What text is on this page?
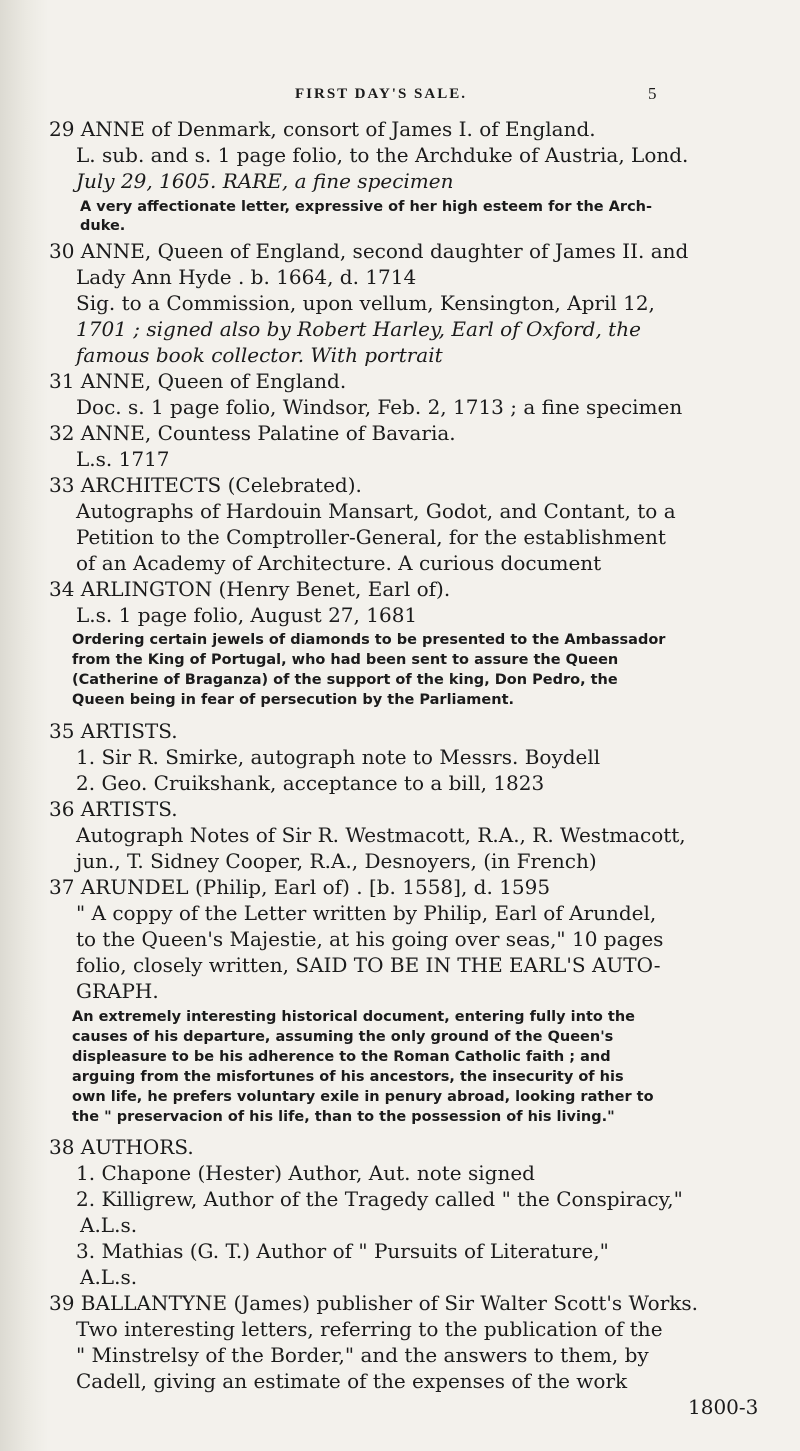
FIRST DAY'S SALE.	5
29 ANNE of Denmark, consort of James I. of England.
L. sub. and s. 1 page folio, to the Archduke of Austria, Lond.
July 29, 1605. RARE, a fine specimen
A very affectionate letter, expressive of her high esteem for the Arch-
duke.
30 ANNE, Queen of England, second daughter of James II. and
Lady Ann Hyde . b. 1664, d. 1714
Sig. to a Commission, upon vellum, Kensington, April 12,
1701 ; signed also by Robert Harley, Earl of Oxford, the
famous book collector. With portrait
31 ANNE, Queen of England.
Doc. s. 1 page folio, Windsor, Feb. 2, 1713 ; a fine specimen
32 ANNE, Countess Palatine of Bavaria.
L.s. 1717
33 ARCHITECTS (Celebrated).
Autographs of Hardouin Mansart, Godot, and Contant, to a
Petition to the Comptroller-General, for the establishment
of an Academy of Architecture. A curious document
34 ARLINGTON (Henry Benet, Earl of).
L.s. 1 page folio, August 27, 1681
Ordering certain jewels of diamonds to be presented to the Ambassador
from the King of Portugal, who had been sent to assure the Queen
(Catherine of Braganza) of the support of the king, Don Pedro, the
Queen being in fear of persecution by the Parliament.
35 ARTISTS.
1. Sir R. Smirke, autograph note to Messrs. Boydell
2. Geo. Cruikshank, acceptance to a bill, 1823
36 ARTISTS.
Autograph Notes of Sir R. Westmacott, R.A., R. Westmacott,
jun., T. Sidney Cooper, R.A., Desnoyers, (in French)
37 ARUNDEL (Philip, Earl of) . [b. 1558], d. 1595
" A coppy of the Letter written by Philip, Earl of Arundel,
to the Queen's Majestie, at his going over seas," 10 pages
folio, closely written, SAID TO BE IN THE EARL'S AUTO-
GRAPH.
An extremely interesting historical document, entering fully into the
causes of his departure, assuming the only ground of the Queen's
displeasure to be his adherence to the Roman Catholic faith ; and
arguing from the misfortunes of his ancestors, the insecurity of his
own life, he prefers voluntary exile in penury abroad, looking rather to
the " preservacion of his life, than to the possession of his living."
38 AUTHORS.
1. Chapone (Hester) Author, Aut. note signed
2. Killigrew, Author of the Tragedy called " the Conspiracy,"
A.L.s.
3. Mathias (G. T.) Author of " Pursuits of Literature,"
A.L.s.
39 BALLANTYNE (James) publisher of Sir Walter Scott's Works.
Two interesting letters, referring to the publication of the
" Minstrelsy of the Border," and the answers to them, by
Cadell, giving an estimate of the expenses of the work
1800-3
